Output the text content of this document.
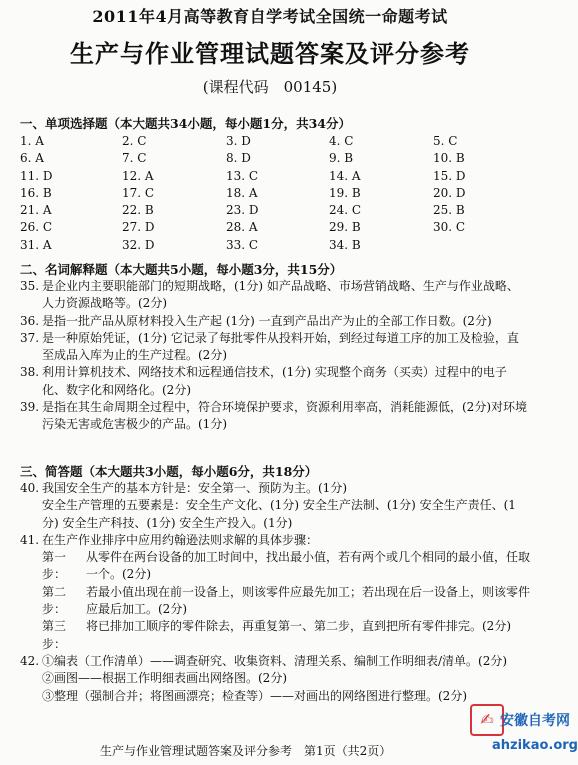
2011年4月高等教育自学考试全国统一命题考试
生产与作业管理试题答案及评分参考
(课程代码　00145)
一、单项选择题（本大题共34小题，每小题1分，共34分）
1. A	2. C	3. D	4. C	5. C
6. A	7. C	8. D	9. B	10. B
11. D	12. A	13. C	14. A	15. D
16. B	17. C	18. A	19. B	20. D
21. A	22. B	23. D	24. C	25. B
26. C	27. D	28. A	29. B	30. C
31. A	32. D	33. C	34. B
二、名词解释题（本大题共5小题，每小题3分，共15分）
35. 是企业内主要职能部门的短期战略，(1分) 如产品战略、市场营销战略、生产与作业战略、人力资源战略等。(2分)
36. 是指一批产品从原材料投入生产起 (1分) 一直到产品出产为止的全部工作日数。(2分)
37. 是一种原始凭证，(1分) 它记录了每批零件从投料开始，到经过每道工序的加工及检验，直至成品入库为止的生产过程。(2分)
38. 利用计算机技术、网络技术和远程通信技术，(1分) 实现整个商务（买卖）过程中的电子化、数字化和网络化。(2分)
39. 是指在其生命周期全过程中，符合环境保护要求，资源利用率高，消耗能源低，(2分)对环境污染无害或危害极少的产品。(1分)
三、简答题（本大题共3小题，每小题6分，共18分）
40. 我国安全生产的基本方针是：安全第一、预防为主。(1分)
安全生产管理的五要素是：安全生产文化、(1分) 安全生产法制、(1分) 安全生产责任、(1分) 安全生产科技、(1分) 安全生产投入。(1分)
41. 在生产作业排序中应用约翰逊法则求解的具体步骤：
第一步：
从零件在两台设备的加工时间中，找出最小值，若有两个或几个相同的最小值，任取一个。(2分)
第二步：
若最小值出现在前一设备上，则该零件应最先加工；若出现在后一设备上，则该零件应最后加工。(2分)
第三步：
将已排加工顺序的零件除去，再重复第一、第二步，直到把所有零件排完。(2分)
42. ①编表（工作清单）——调查研究、收集资料、清理关系、编制工作明细表/清单。(2分)
②画图——根据工作明细表画出网络图。(2分)
③整理（强制合并；将图画漂亮；检查等）——对画出的网络图进行整理。(2分)
生产与作业管理试题答案及评分参考　第1页（共2页）
✍ 安徽自考网
ahzikao.org
